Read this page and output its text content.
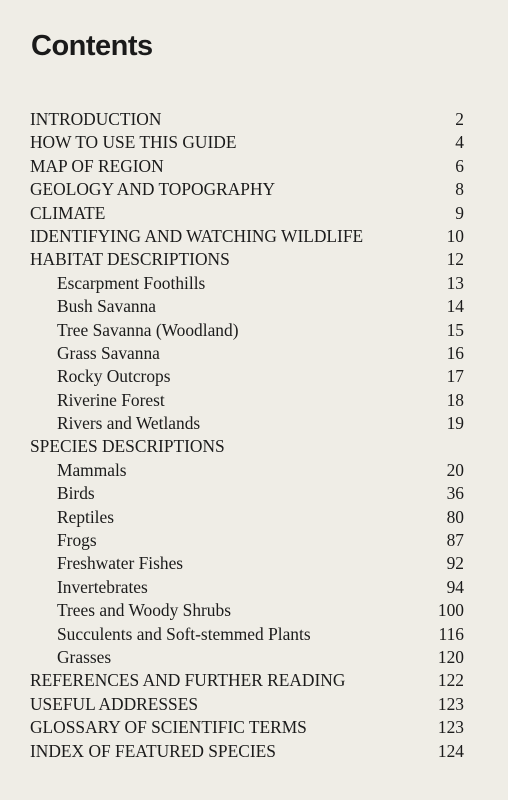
Contents
INTRODUCTION	2
HOW TO USE THIS GUIDE	4
MAP OF REGION	6
GEOLOGY AND TOPOGRAPHY	8
CLIMATE	9
IDENTIFYING AND WATCHING WILDLIFE	10
HABITAT DESCRIPTIONS	12
Escarpment Foothills	13
Bush Savanna	14
Tree Savanna (Woodland)	15
Grass Savanna	16
Rocky Outcrops	17
Riverine Forest	18
Rivers and Wetlands	19
SPECIES DESCRIPTIONS
Mammals	20
Birds	36
Reptiles	80
Frogs	87
Freshwater Fishes	92
Invertebrates	94
Trees and Woody Shrubs	100
Succulents and Soft-stemmed Plants	116
Grasses	120
REFERENCES AND FURTHER READING	122
USEFUL ADDRESSES	123
GLOSSARY OF SCIENTIFIC TERMS	123
INDEX OF FEATURED SPECIES	124
